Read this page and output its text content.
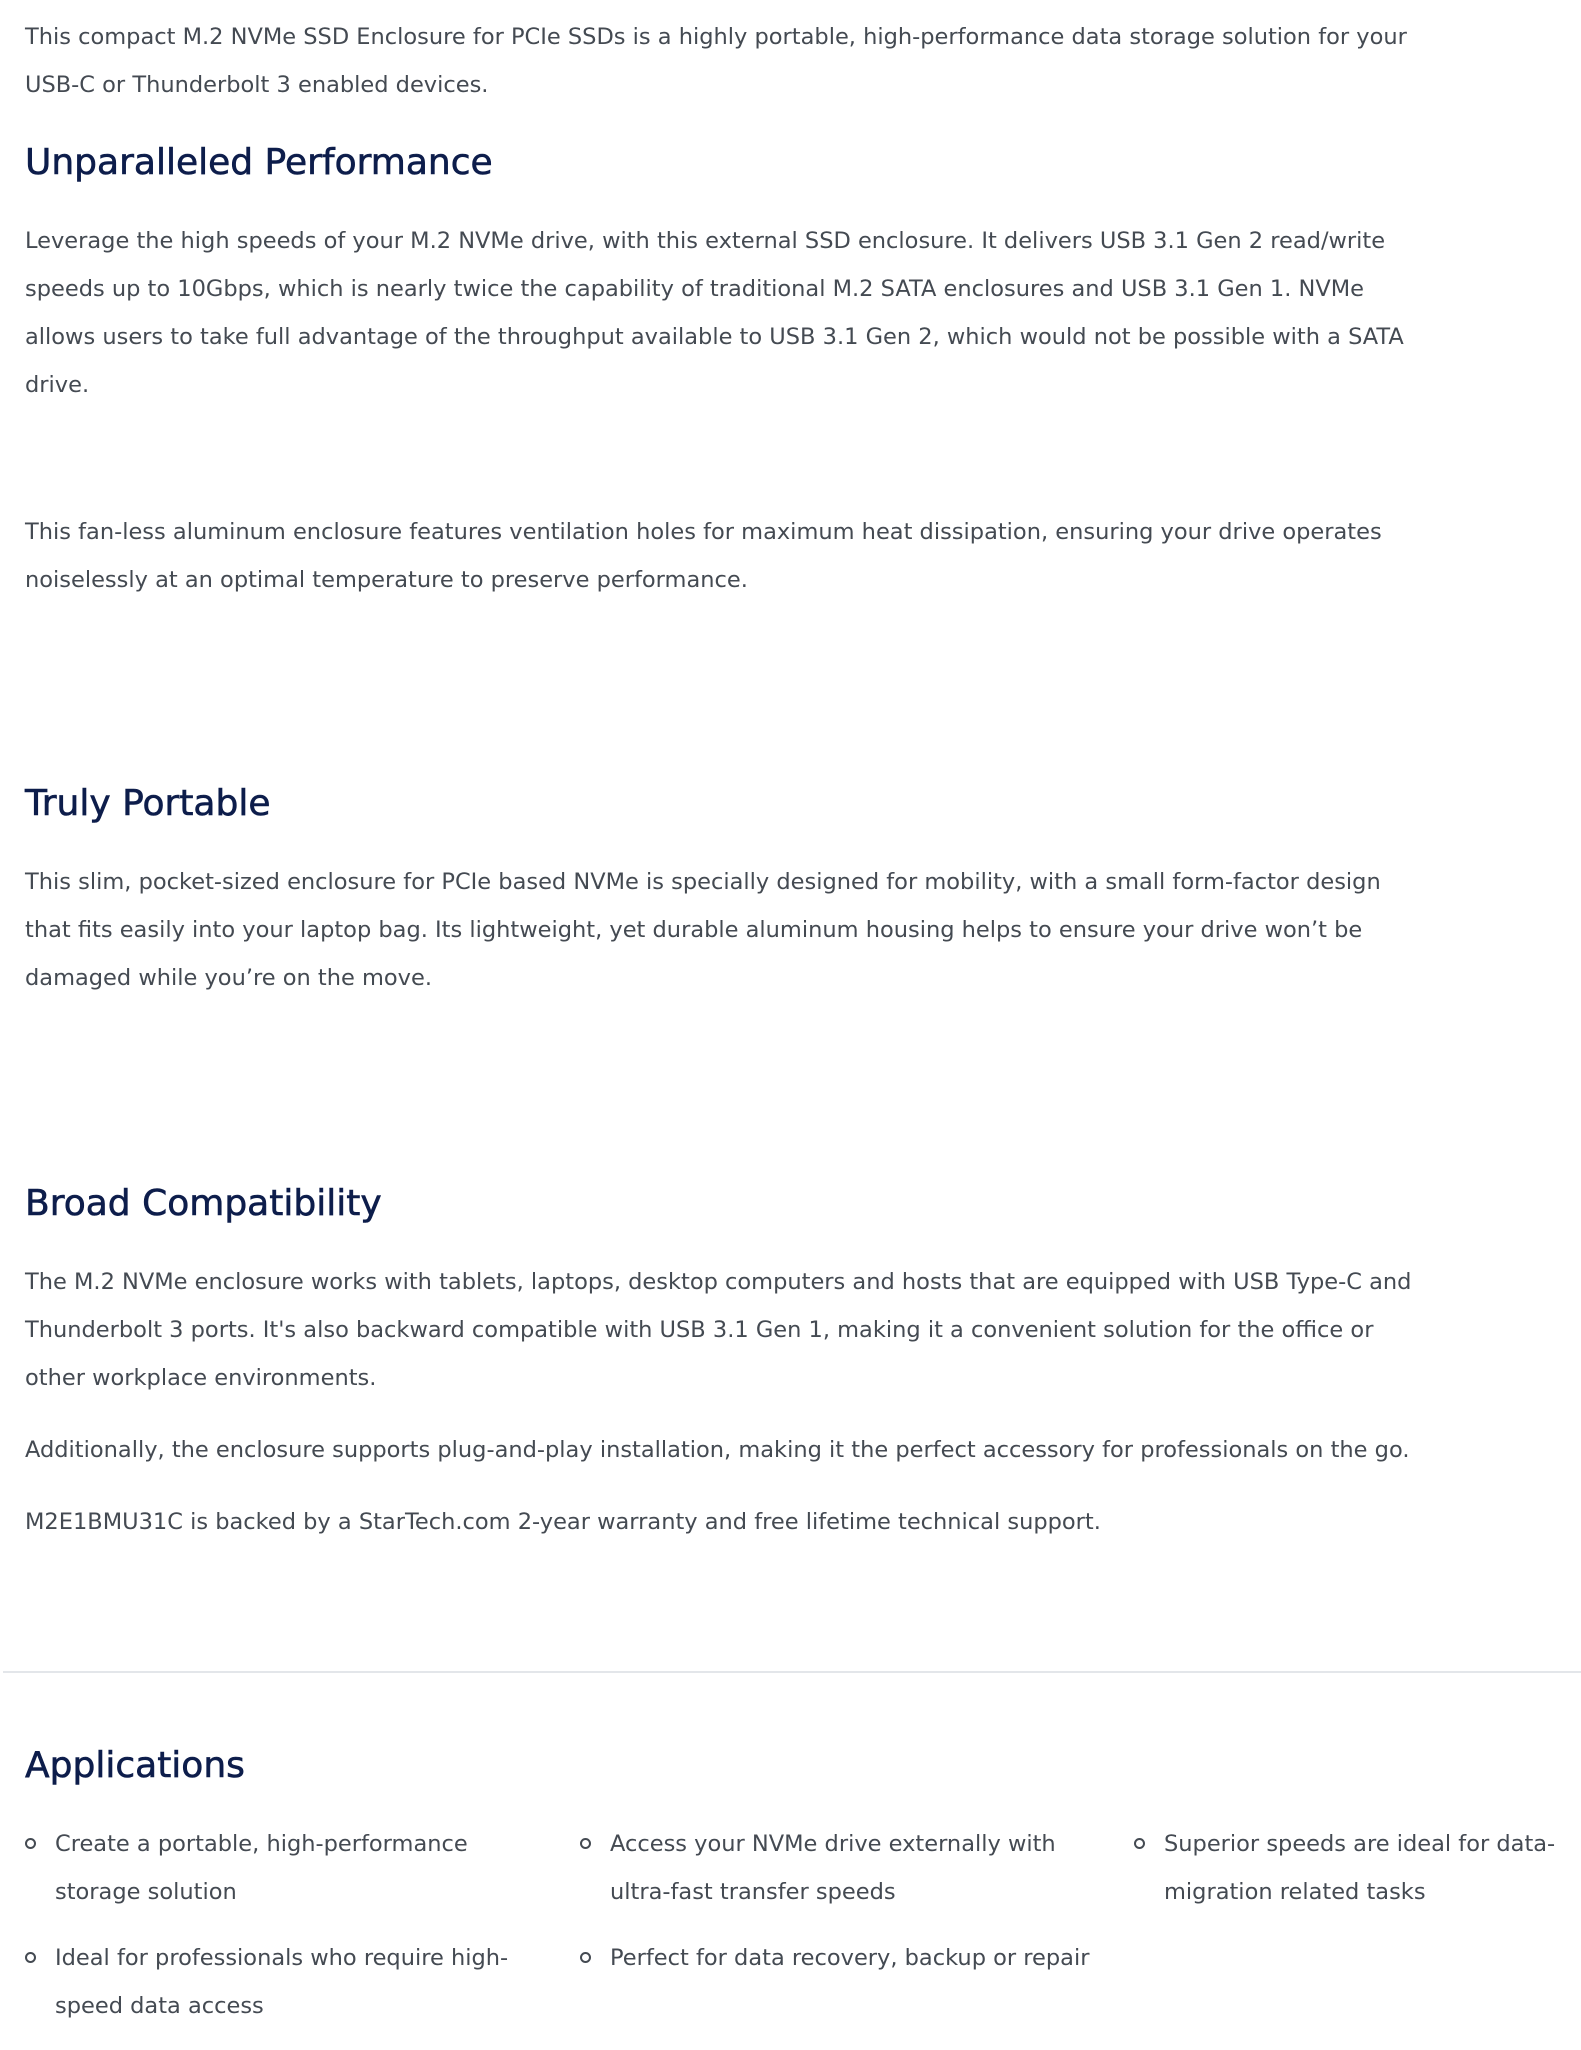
This compact M.2 NVMe SSD Enclosure for PCIe SSDs is a highly portable, high-performance data storage solution for your
USB-C or Thunderbolt 3 enabled devices.

Unparalleled Performance

Leverage the high speeds of your M.2 NVMe drive, with this external SSD enclosure. It delivers USB 3.1 Gen 2 read/write
speeds up to 10Gbps, which is nearly twice the capability of traditional M.2 SATA enclosures and USB 3.1 Gen 1. NVMe
allows users to take full advantage of the throughput available to USB 3.1 Gen 2, which would not be possible with a SATA
drive.

This fan-less aluminum enclosure features ventilation holes for maximum heat dissipation, ensuring your drive operates
noiselessly at an optimal temperature to preserve performance.

Truly Portable

This slim, pocket-sized enclosure for PCIe based NVMe is specially designed for mobility, with a small form-factor design
that fits easily into your laptop bag. Its lightweight, yet durable aluminum housing helps to ensure your drive won’t be
damaged while you’re on the move.

Broad Compatibility

The M.2 NVMe enclosure works with tablets, laptops, desktop computers and hosts that are equipped with USB Type-C and
Thunderbolt 3 ports. It's also backward compatible with USB 3.1 Gen 1, making it a convenient solution for the office or
other workplace environments.

Additionally, the enclosure supports plug-and-play installation, making it the perfect accessory for professionals on the go.

M2E1BMU31C is backed by a StarTech.com 2-year warranty and free lifetime technical support.

Applications
Create a portable, high-performance
storage solution
Access your NVMe drive externally with
ultra-fast transfer speeds
Superior speeds are ideal for data-
migration related tasks
Ideal for professionals who require high-
speed data access
Perfect for data recovery, backup or repair
